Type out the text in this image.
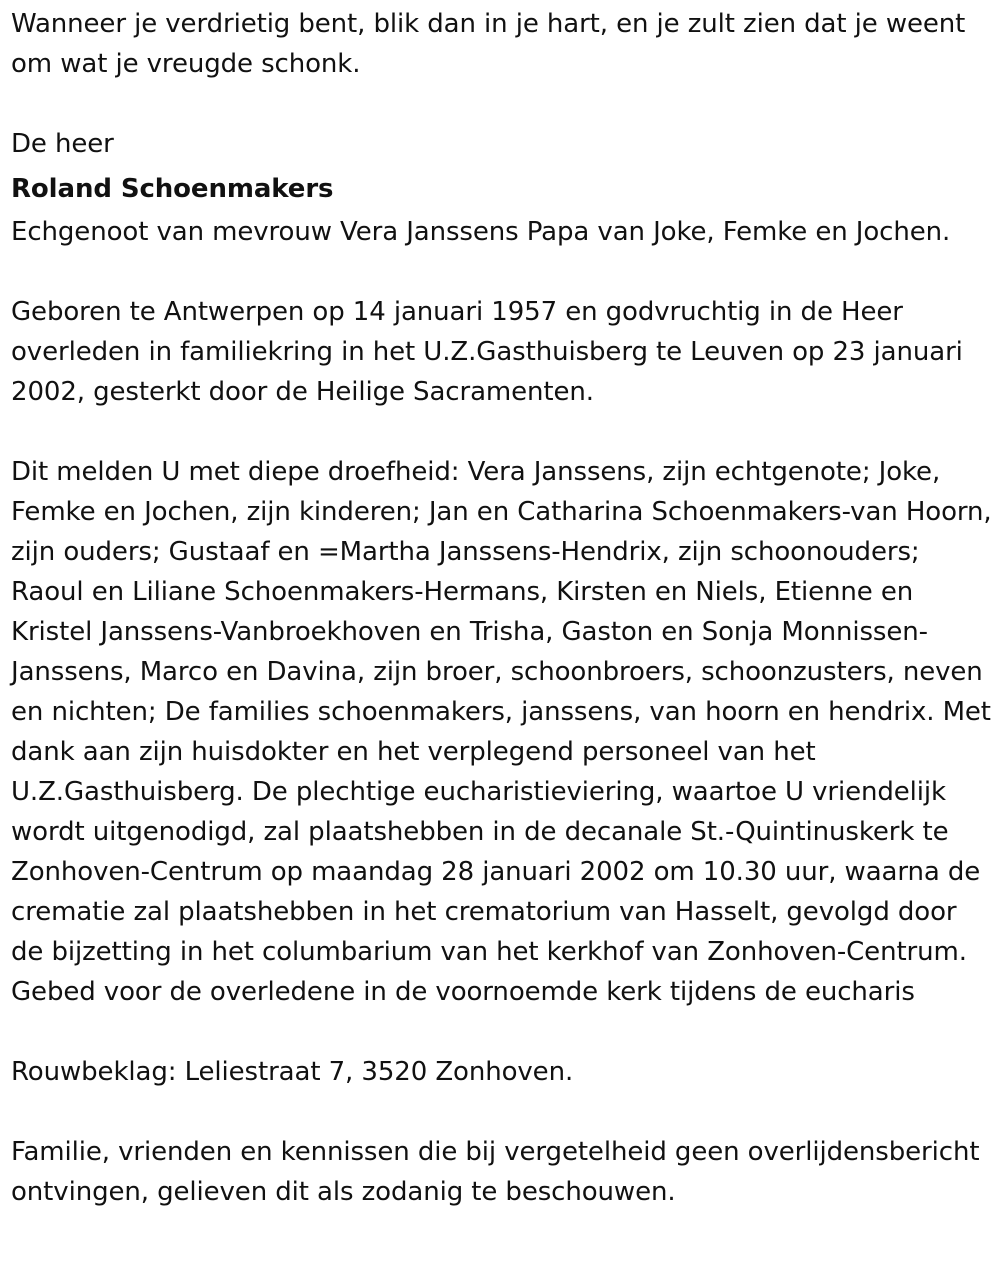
Wanneer je verdrietig bent, blik dan in je hart, en je zult zien dat je weent om wat je vreugde schonk.

De heer

Roland Schoenmakers

Echgenoot van mevrouw Vera Janssens Papa van Joke, Femke en Jochen.

Geboren te Antwerpen op 14 januari 1957 en godvruchtig in de Heer overleden in familiekring in het U.Z.Gasthuisberg te Leuven op 23 januari 2002, gesterkt door de Heilige Sacramenten.

Dit melden U met diepe droefheid: Vera Janssens, zijn echtgenote; Joke, Femke en Jochen, zijn kinderen; Jan en Catharina Schoenmakers-van Hoorn, zijn ouders; Gustaaf en =Martha Janssens-Hendrix, zijn schoonouders; Raoul en Liliane Schoenmakers-Hermans, Kirsten en Niels, Etienne en Kristel Janssens-Vanbroekhoven en Trisha, Gaston en Sonja Monnissen-Janssens, Marco en Davina, zijn broer, schoonbroers, schoonzusters, neven en nichten; De families schoenmakers, janssens, van hoorn en hendrix. Met dank aan zijn huisdokter en het verplegend personeel van het U.Z.Gasthuisberg. De plechtige eucharistieviering, waartoe U vriendelijk wordt uitgenodigd, zal plaatshebben in de decanale St.-Quintinuskerk te Zonhoven-Centrum op maandag 28 januari 2002 om 10.30 uur, waarna de crematie zal plaatshebben in het crematorium van Hasselt, gevolgd door de bijzetting in het columbarium van het kerkhof van Zonhoven-Centrum. Gebed voor de overledene in de voornoemde kerk tijdens de eucharis

Rouwbeklag: Leliestraat 7, 3520 Zonhoven.

Familie, vrienden en kennissen die bij vergetelheid geen overlijdensbericht ontvingen, gelieven dit als zodanig te beschouwen.
